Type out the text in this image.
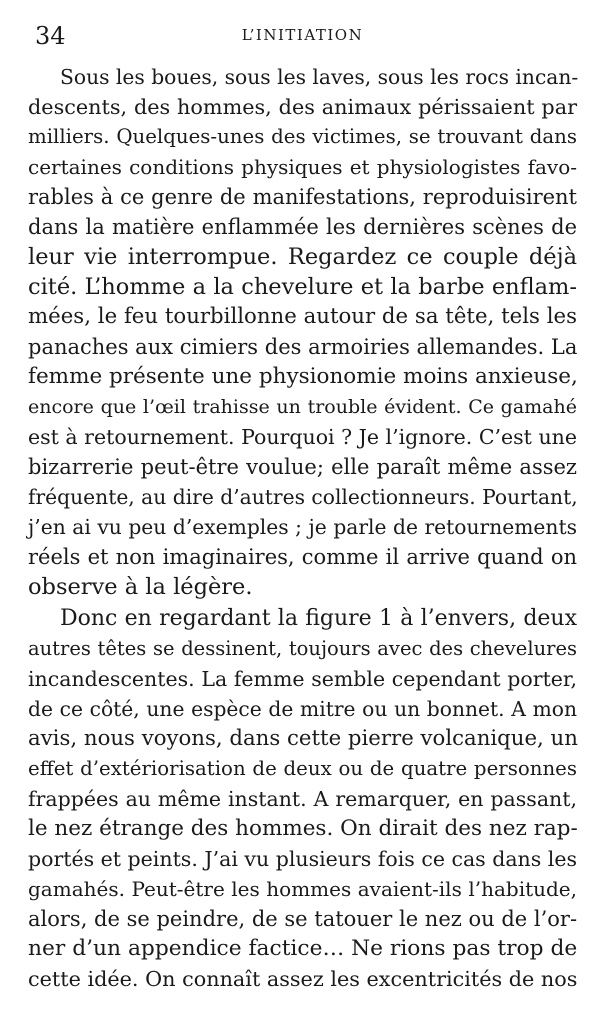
34	L’INITIATION
Sous les boues, sous les laves, sous les rocs incan-
descents, des hommes, des animaux périssaient par
milliers. Quelques-unes des victimes, se trouvant dans
certaines conditions physiques et physiologistes favo-
rables à ce genre de manifestations, reproduisirent
dans la matière enflammée les dernières scènes de
leur vie interrompue. Regardez ce couple déjà
cité. L’homme a la chevelure et la barbe enflam-
mées, le feu tourbillonne autour de sa tête, tels les
panaches aux cimiers des armoiries allemandes. La
femme présente une physionomie moins anxieuse,
encore que l’œil trahisse un trouble évident. Ce gamahé
est à retournement. Pourquoi ? Je l’ignore. C’est une
bizarrerie peut-être voulue; elle paraît même assez
fréquente, au dire d’autres collectionneurs. Pourtant,
j’en ai vu peu d’exemples ; je parle de retournements
réels et non imaginaires, comme il arrive quand on
observe à la légère.
Donc en regardant la figure 1 à l’envers, deux
autres têtes se dessinent, toujours avec des chevelures
incandescentes. La femme semble cependant porter,
de ce côté, une espèce de mitre ou un bonnet. A mon
avis, nous voyons, dans cette pierre volcanique, un
effet d’extériorisation de deux ou de quatre personnes
frappées au même instant. A remarquer, en passant,
le nez étrange des hommes. On dirait des nez rap-
portés et peints. J’ai vu plusieurs fois ce cas dans les
gamahés. Peut-être les hommes avaient-ils l’habitude,
alors, de se peindre, de se tatouer le nez ou de l’or-
ner d’un appendice factice… Ne rions pas trop de
cette idée. On connaît assez les excentricités de nos
